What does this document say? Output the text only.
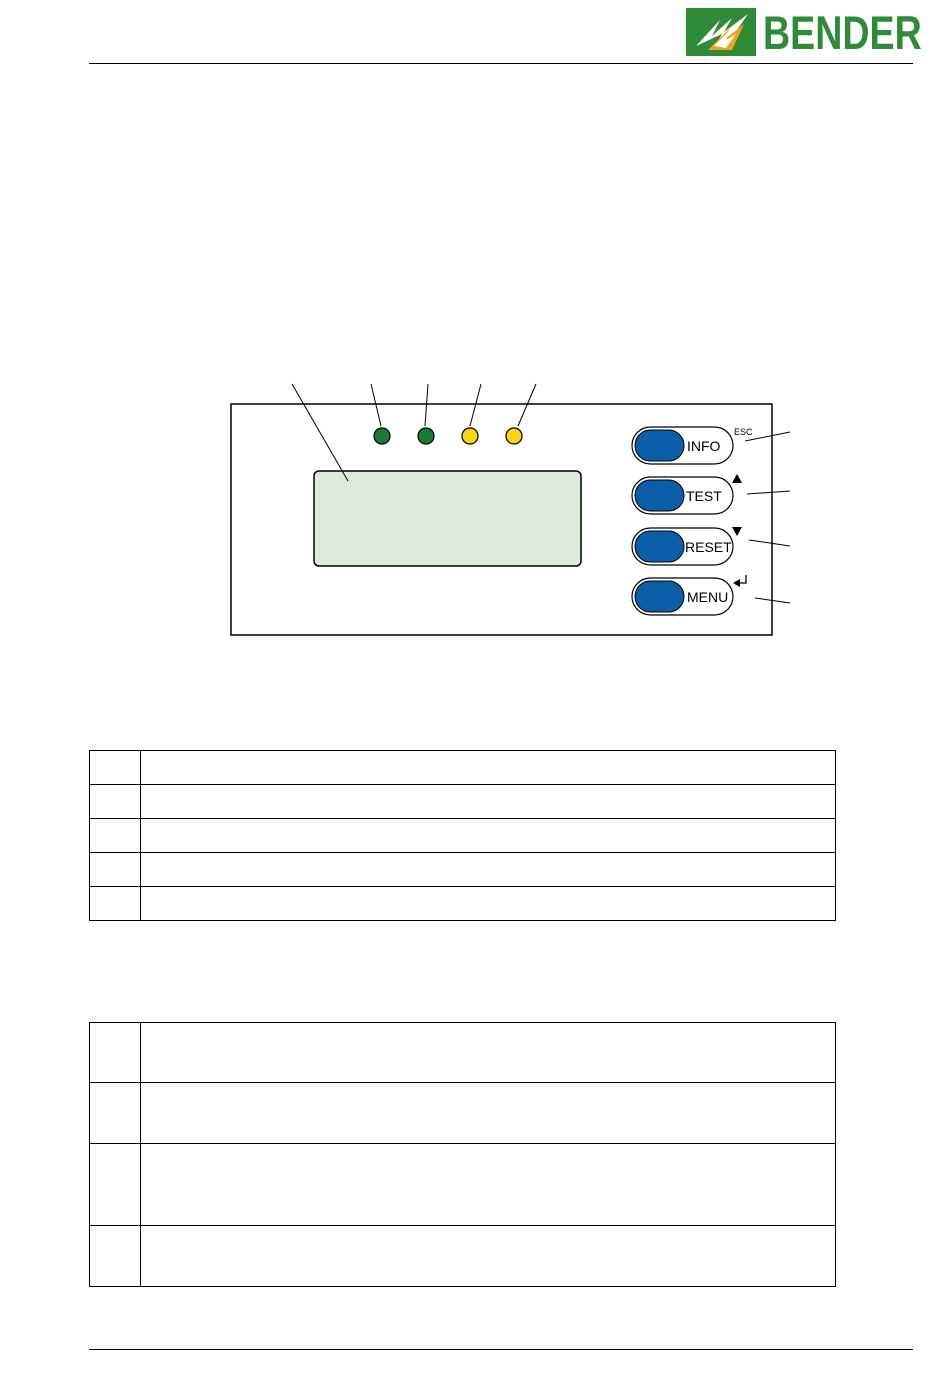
BENDER
INFO
ESC
TEST
RESET
MENU
